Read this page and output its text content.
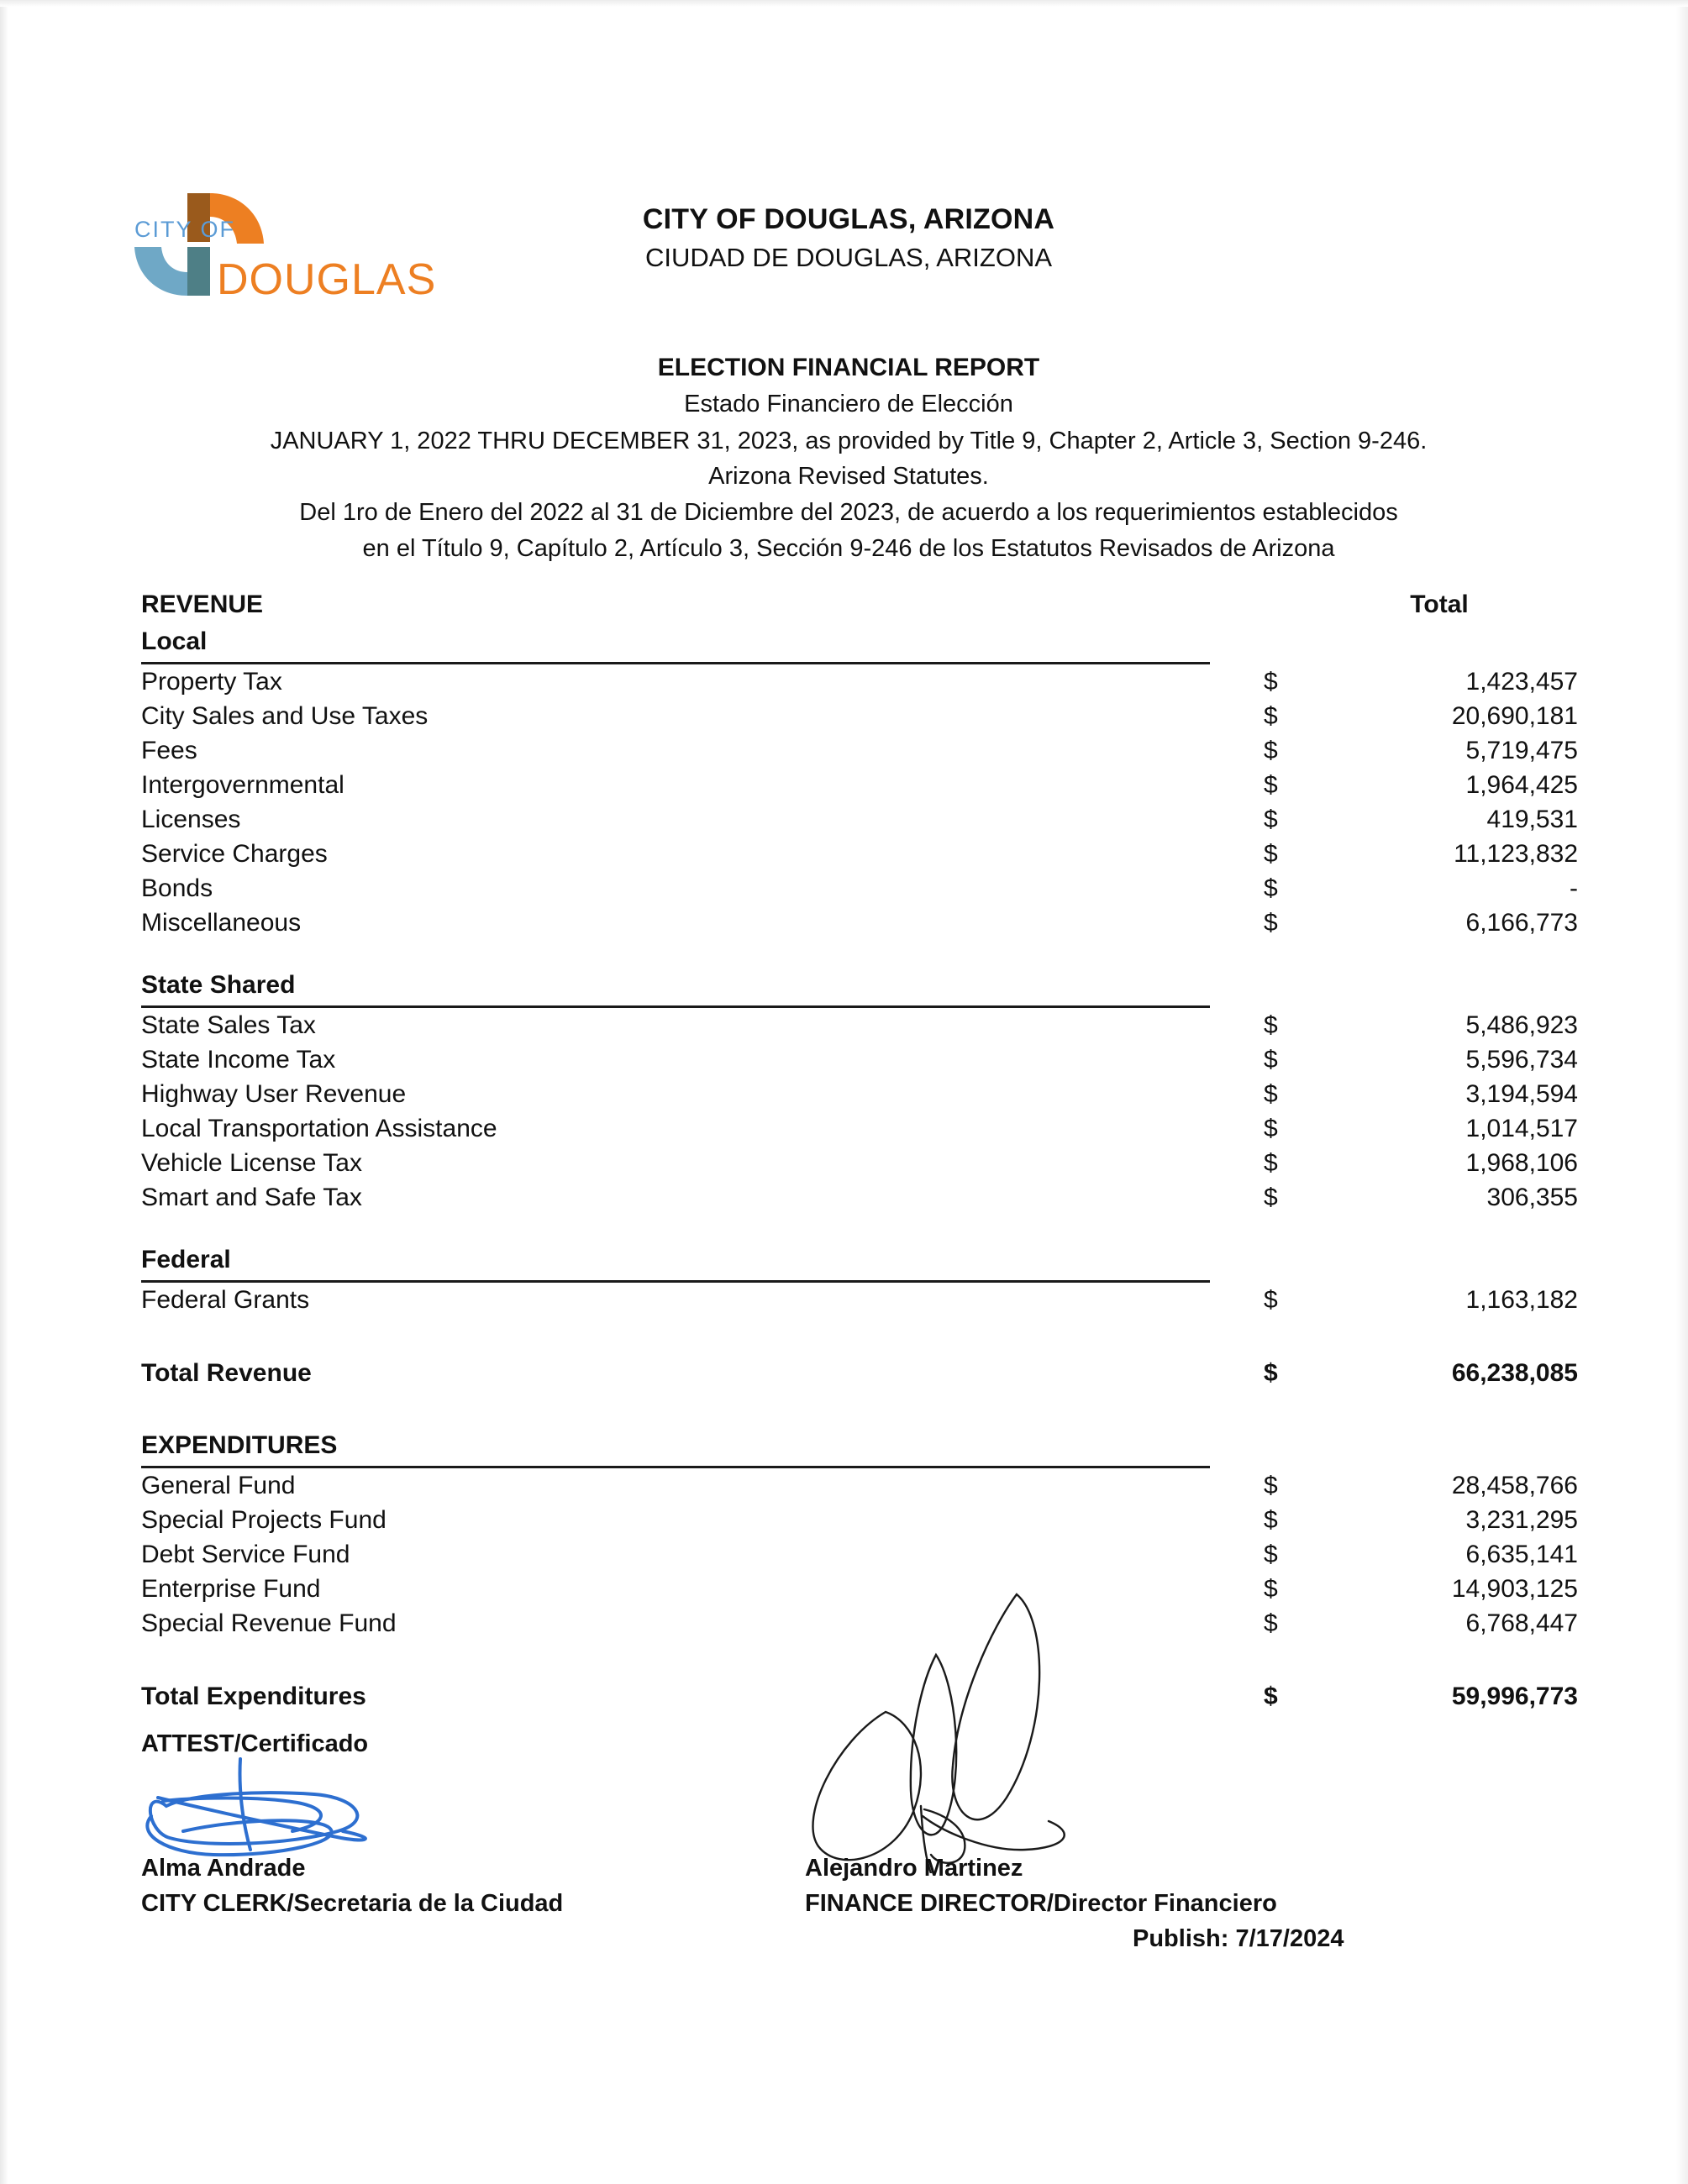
CITY OF
DOUGLAS
CITY OF DOUGLAS, ARIZONA
CIUDAD DE DOUGLAS, ARIZONA
ELECTION FINANCIAL REPORT
Estado Financiero de Elección
JANUARY 1, 2022 THRU DECEMBER 31, 2023, as provided by Title 9, Chapter 2, Article 3, Section 9-246.
Arizona Revised Statutes.
Del 1ro de Enero del 2022 al 31 de Diciembre del 2023, de acuerdo a los requerimientos establecidos
en el Título 9, Capítulo 2, Artículo 3, Sección 9-246 de los Estatutos Revisados de Arizona
REVENUE	Total
Local
Property Tax	$	1,423,457
City Sales and Use Taxes	$	20,690,181
Fees	$	5,719,475
Intergovernmental	$	1,964,425
Licenses	$	419,531
Service Charges	$	11,123,832
Bonds	$	-
Miscellaneous	$	6,166,773
State Shared
State Sales Tax	$	5,486,923
State Income Tax	$	5,596,734
Highway User Revenue	$	3,194,594
Local Transportation Assistance	$	1,014,517
Vehicle License Tax	$	1,968,106
Smart and Safe Tax	$	306,355
Federal
Federal Grants	$	1,163,182
Total Revenue	$	66,238,085
EXPENDITURES
General Fund	$	28,458,766
Special Projects Fund	$	3,231,295
Debt Service Fund	$	6,635,141
Enterprise Fund	$	14,903,125
Special Revenue Fund	$	6,768,447
Total Expenditures	$	59,996,773
ATTEST/Certificado
Alma Andrade
CITY CLERK/Secretaria de la Ciudad
Alejandro Martinez
FINANCE DIRECTOR/Director Financiero
Publish: 7/17/2024
